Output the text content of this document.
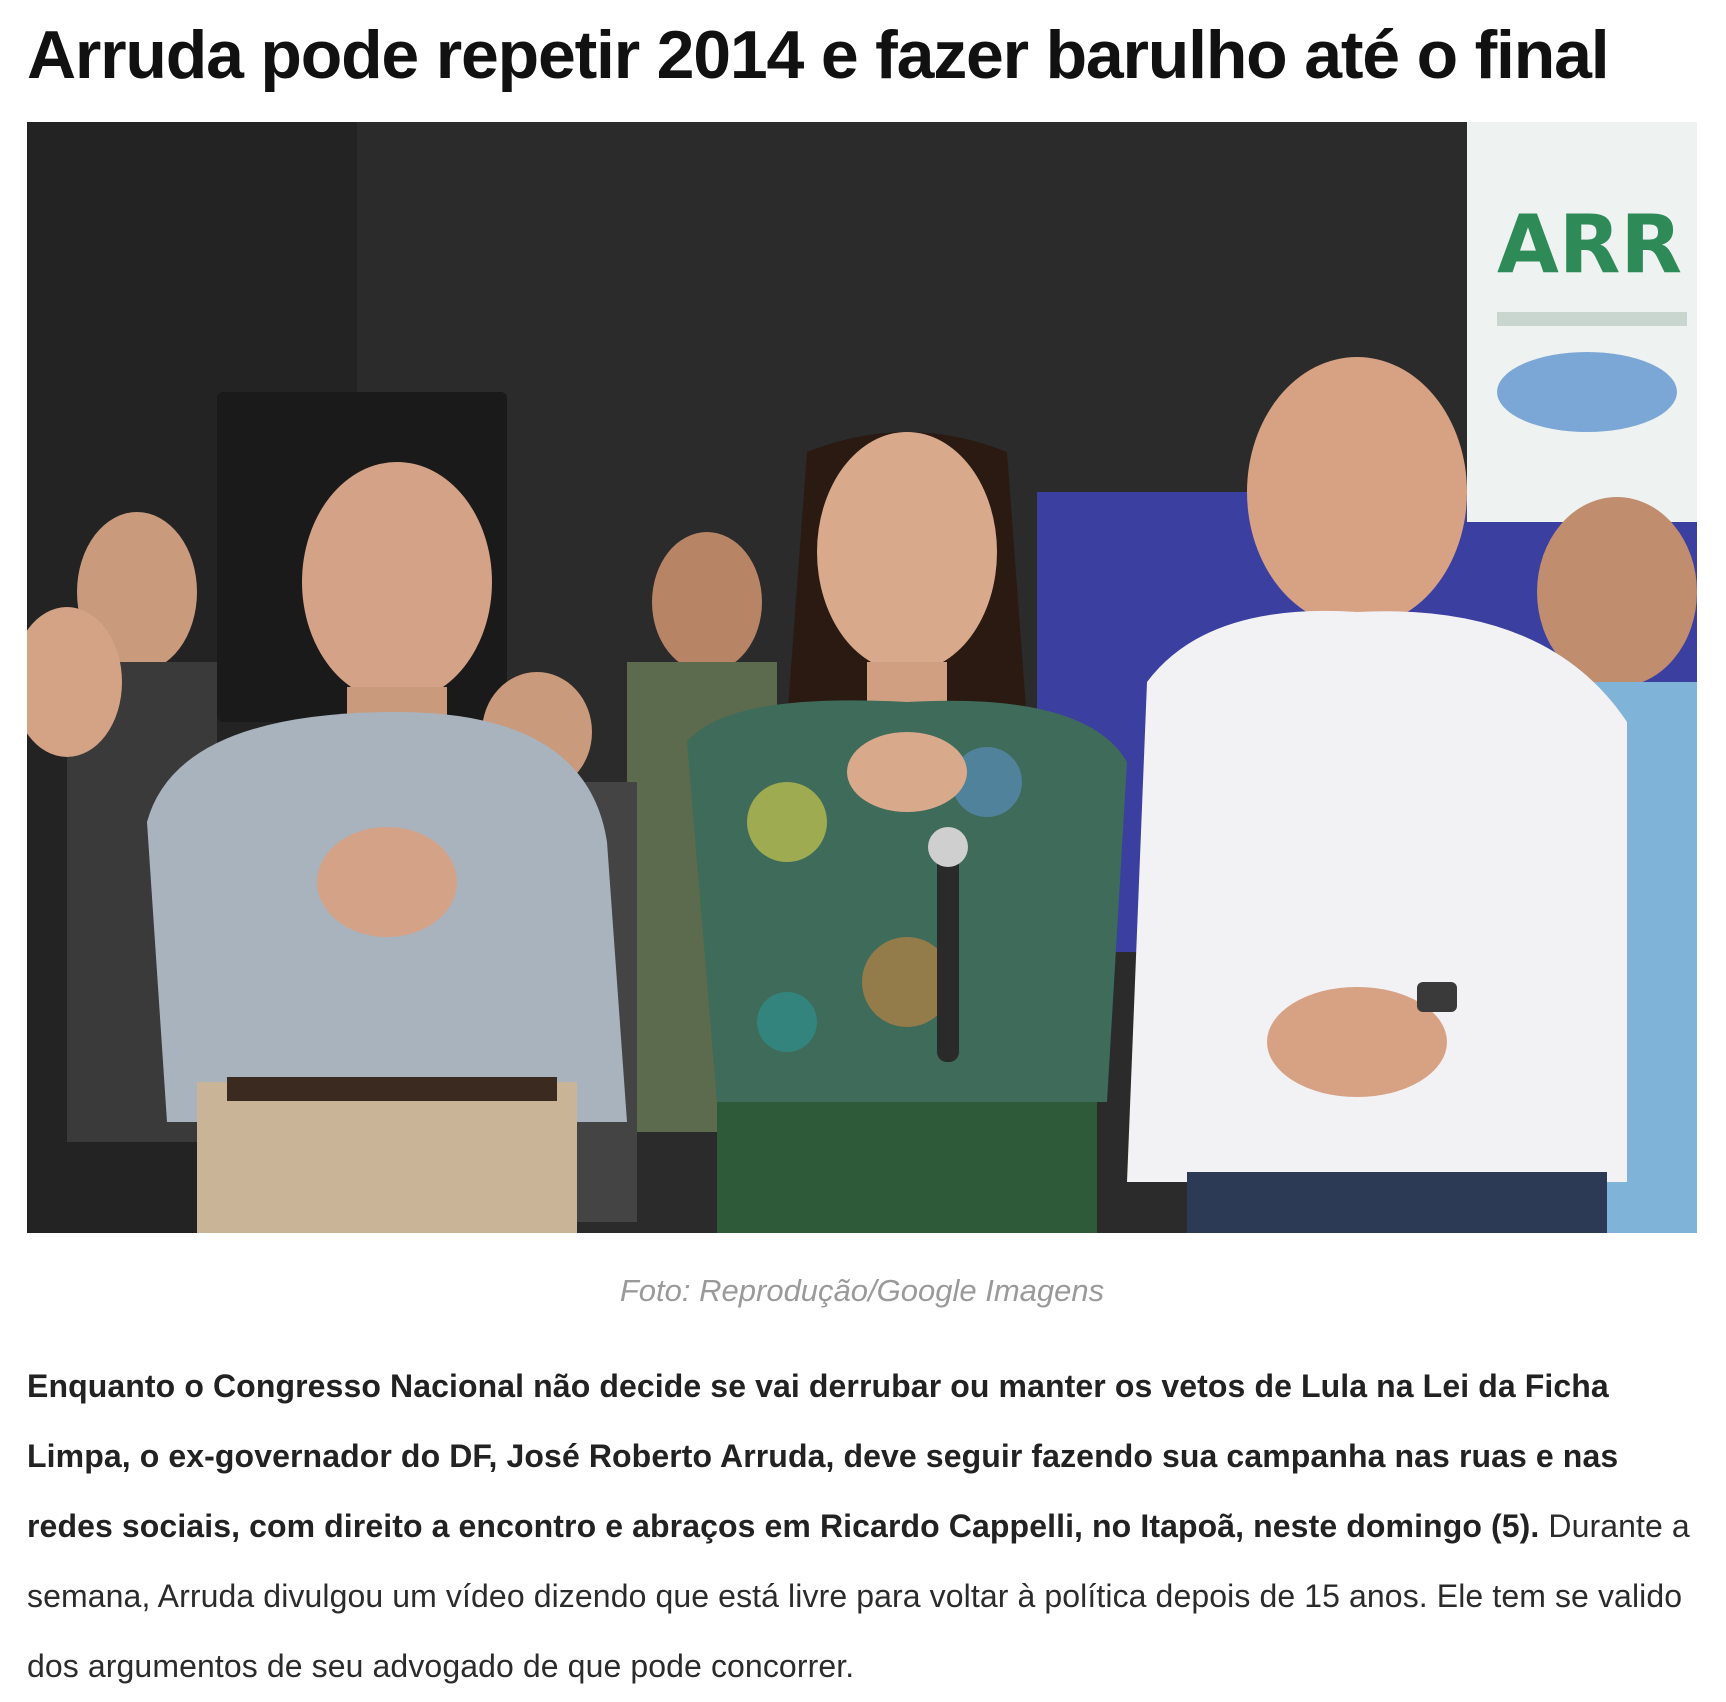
Arruda pode repetir 2014 e fazer barulho até o final
ARR
Foto: Reprodução/Google Imagens

Enquanto o Congresso Nacional não decide se vai derrubar ou manter os vetos de Lula na Lei da Ficha Limpa, o ex-governador do DF, José Roberto Arruda, deve seguir fazendo sua campanha nas ruas e nas redes sociais, com direito a encontro e abraços em Ricardo Cappelli, no Itapoã, neste domingo (5). Durante a semana, Arruda divulgou um vídeo dizendo que está livre para voltar à política depois de 15 anos. Ele tem se valido dos argumentos de seu advogado de que pode concorrer.
